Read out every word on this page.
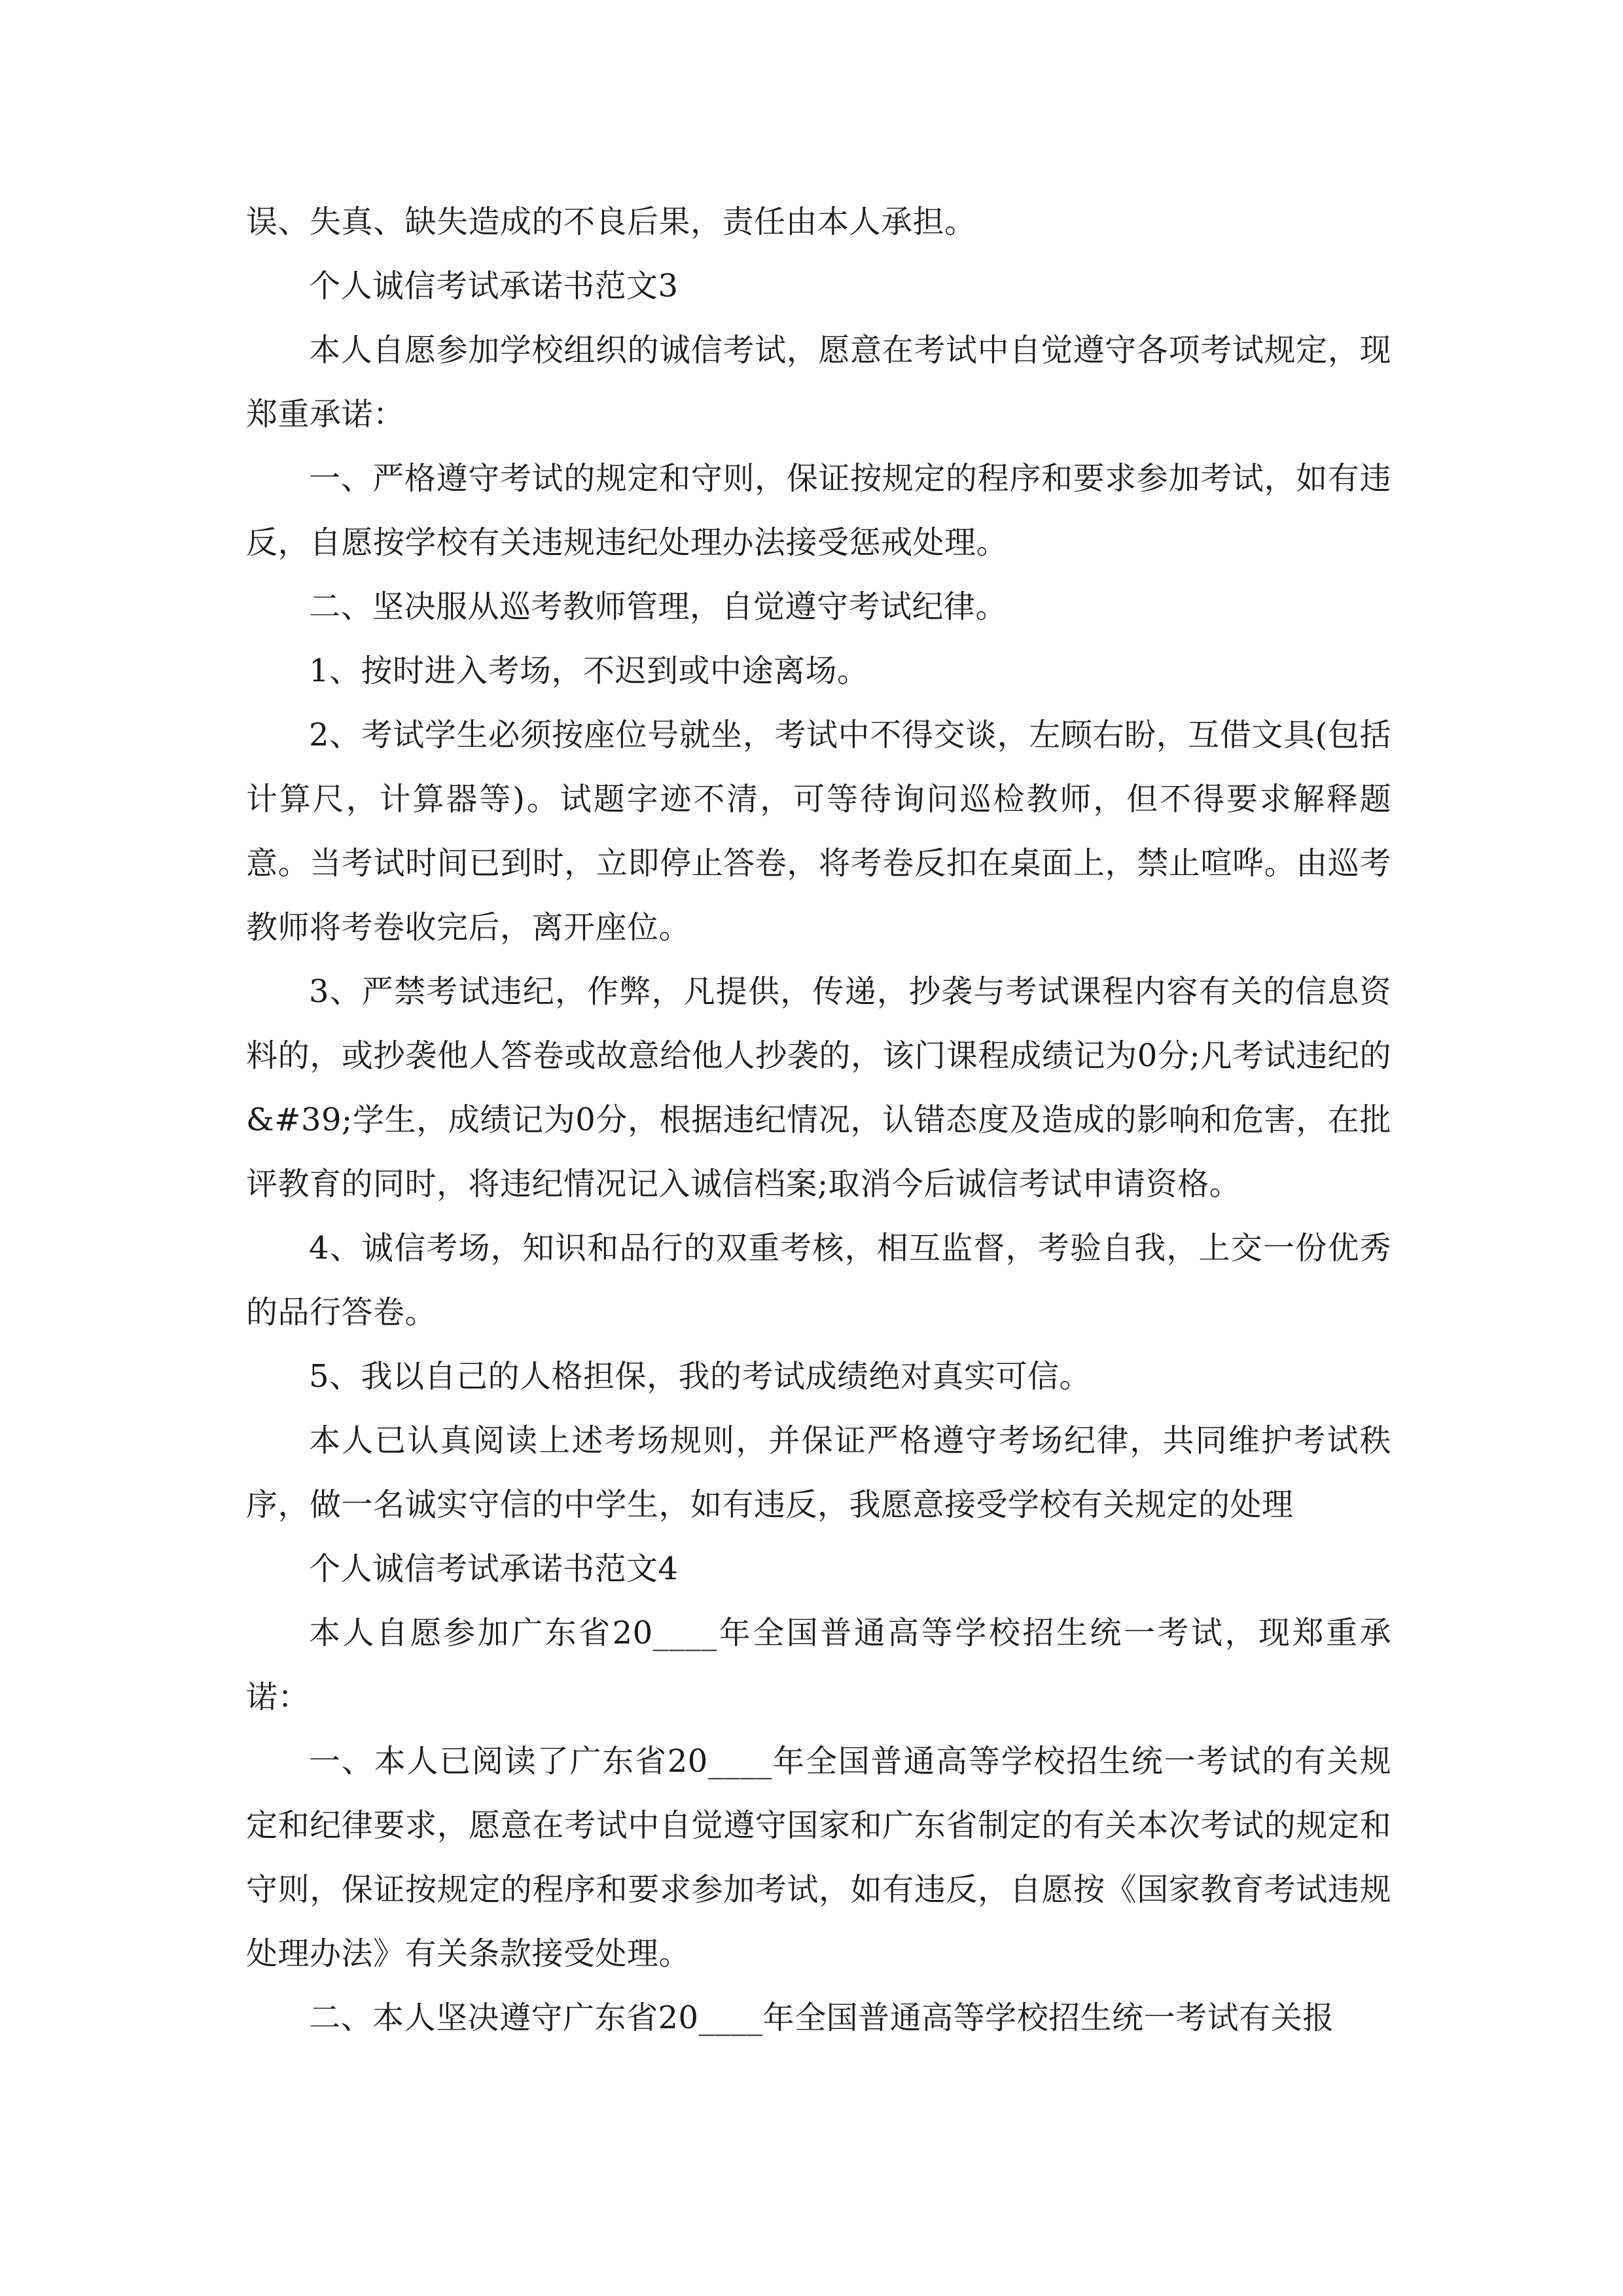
误、失真、缺失造成的不良后果，责任由本人承担。

个人诚信考试承诺书范文3

本人自愿参加学校组织的诚信考试，愿意在考试中自觉遵守各项考试规定，现郑重承诺：

一、严格遵守考试的规定和守则，保证按规定的程序和要求参加考试，如有违反，自愿按学校有关违规违纪处理办法接受惩戒处理。

二、坚决服从巡考教师管理，自觉遵守考试纪律。

1、按时进入考场，不迟到或中途离场。

2、考试学生必须按座位号就坐，考试中不得交谈，左顾右盼，互借文具(包括计算尺，计算器等)。试题字迹不清，可等待询问巡检教师，但不得要求解释题意。当考试时间已到时，立即停止答卷，将考卷反扣在桌面上，禁止喧哗。由巡考教师将考卷收完后，离开座位。

3、严禁考试违纪，作弊，凡提供，传递，抄袭与考试课程内容有关的信息资料的，或抄袭他人答卷或故意给他人抄袭的，该门课程成绩记为0分;凡考试违纪的&#39;学生，成绩记为0分，根据违纪情况，认错态度及造成的影响和危害，在批评教育的同时，将违纪情况记入诚信档案;取消今后诚信考试申请资格。

4、诚信考场，知识和品行的双重考核，相互监督，考验自我，上交一份优秀的品行答卷。

5、我以自己的人格担保，我的考试成绩绝对真实可信。

本人已认真阅读上述考场规则，并保证严格遵守考场纪律，共同维护考试秩序，做一名诚实守信的中学生，如有违反，我愿意接受学校有关规定的处理

个人诚信考试承诺书范文4

本人自愿参加广东省20____年全国普通高等学校招生统一考试，现郑重承诺：

一、本人已阅读了广东省20____年全国普通高等学校招生统一考试的有关规定和纪律要求，愿意在考试中自觉遵守国家和广东省制定的有关本次考试的规定和守则，保证按规定的程序和要求参加考试，如有违反，自愿按《国家教育考试违规处理办法》有关条款接受处理。

二、本人坚决遵守广东省20____年全国普通高等学校招生统一考试有关报
